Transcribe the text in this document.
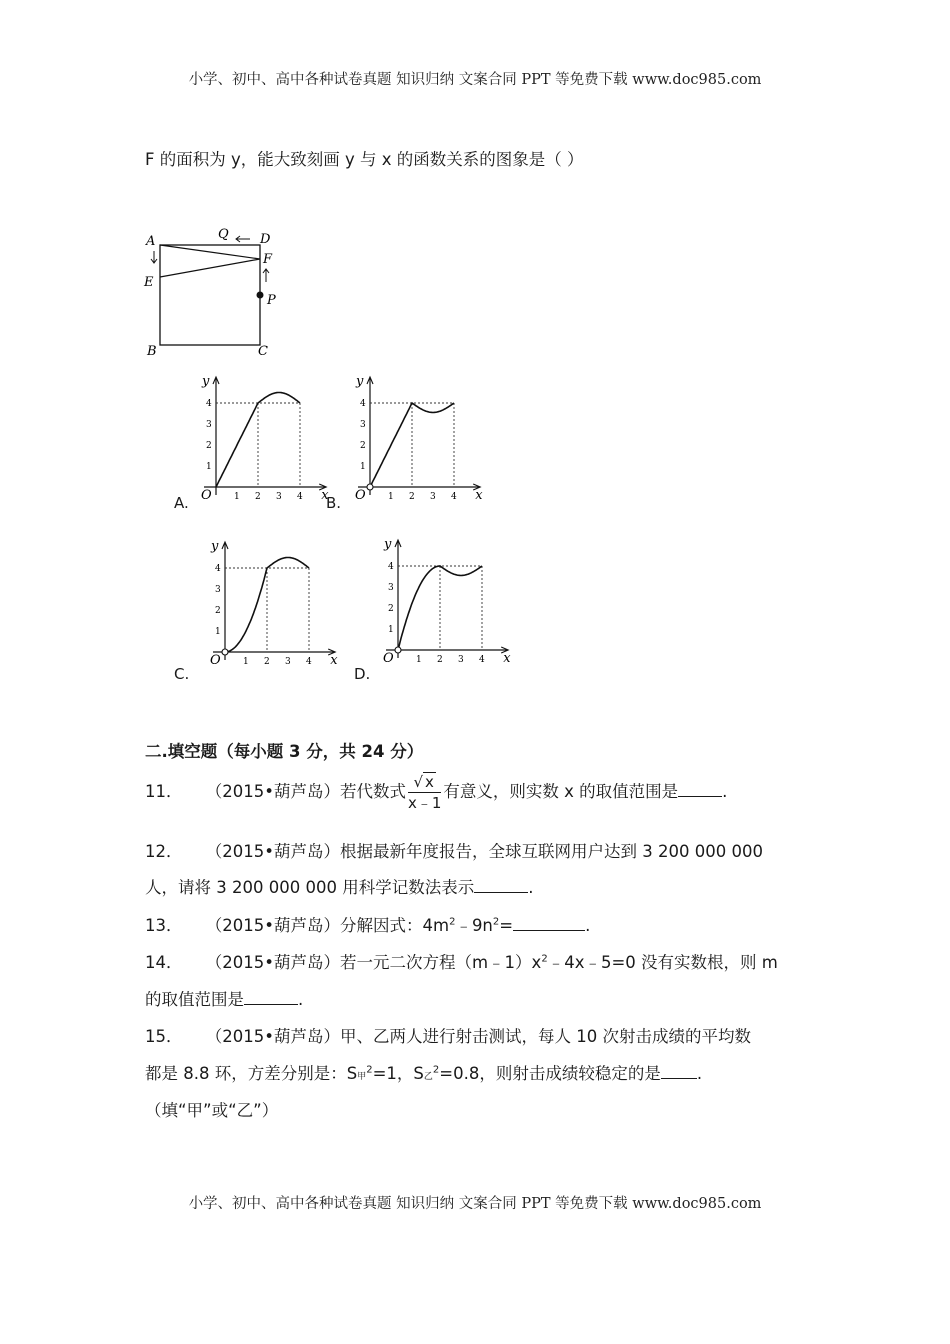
小学、初中、高中各种试卷真题 知识归纳 文案合同 PPT 等免费下载 www.doc985.com
F 的面积为 y，能大致刻画 y 与 x 的函数关系的图象是（ ）
A	Q D
E
F
P
B	C
1 2 3 4
1
2
3
4
x
y
O
A.	1 2 3 4
1
2
3
4
x
y
O
B.
1 2 3 4
1
2
3
4
x
y
O
C.
1 2 3 4
1
2
3
4
x
y
O
D.
二.填空题（每小题 3 分，共 24 分）
11． （2015•葫芦岛）若代数式 $\frac{√ x}{x﹣1}$ 有意义，则实数 x 的取值范围是	.
12． （2015•葫芦岛）根据最新年度报告，全球互联网用户达到 3 200 000 000
人，请将 3 200 000 000 用科学记数法表示	.
13． （2015•葫芦岛）分解因式：$4m^2﹣9n^2=$	.
14． （2015•葫芦岛）若一元二次方程$(m﹣1)x^2﹣4x﹣5=0$ 没有实数根，则 m
的取值范围是	.
15． （2015•葫芦岛）甲、乙两人进行射击测试，每人 10 次射击成绩的平均数
都是 8.8 环，方差分别是：S甲$^2$=1，S乙$^2$=0.8，则射击成绩较稳定的是 .
（填“甲”或“乙”）
小学、初中、高中各种试卷真题 知识归纳 文案合同 PPT 等免费下载 www.doc985.com
